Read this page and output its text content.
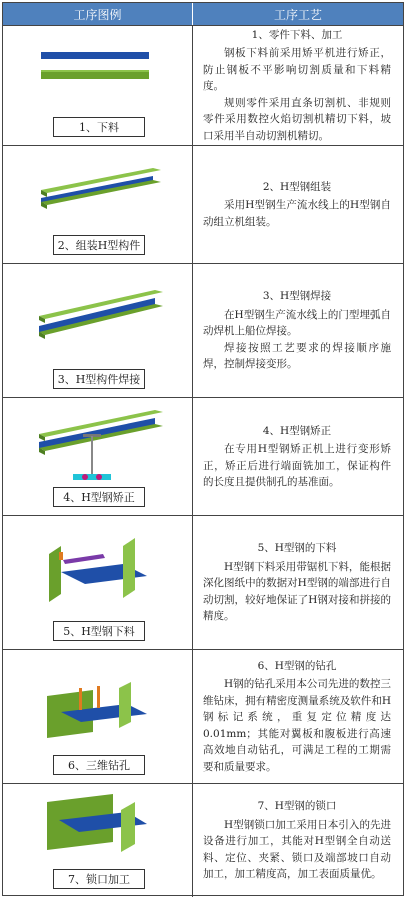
工序图例	工序工艺
1、下料
1、零件下料、加工

钢板下料前采用矫平机进行矫正，防止钢板不平影响切割质量和下料精度。

规则零件采用直条切割机、非规则零件采用数控火焰切割机精切下料，坡口采用半自动切割机精切。

2、组装H型构件
2、H型钢组装

采用H型钢生产流水线上的H型钢自动组立机组装。

3、H型构件焊接
3、H型钢焊接

在H型钢生产流水线上的门型埋弧自动焊机上船位焊接。

焊接按照工艺要求的焊接顺序施焊，控制焊接变形。

4、H型钢矫正
4、H型钢矫正

在专用H型钢矫正机上进行变形矫正，矫正后进行端面铣加工，保证构件的长度且提供制孔的基准面。

5、H型钢下料
5、H型钢的下料

H型钢下料采用带锯机下料，能根据深化图纸中的数据对H型钢的端部进行自动切割，较好地保证了H钢对接和拼接的精度。

6、三维钻孔
6、H型钢的钻孔

H钢的钻孔采用本公司先进的数控三维钻床，拥有精密度测量系统及软件和H钢标记系统，重复定位精度达0.01mm；其能对翼板和腹板进行高速高效地自动钻孔，可满足工程的工期需要和质量要求。

7、锁口加工
7、H型钢的锁口

H型钢锁口加工采用日本引入的先进设备进行加工，其能对H型钢全自动送料、定位、夹紧、锁口及端部坡口自动加工，加工精度高，加工表面质量优。
